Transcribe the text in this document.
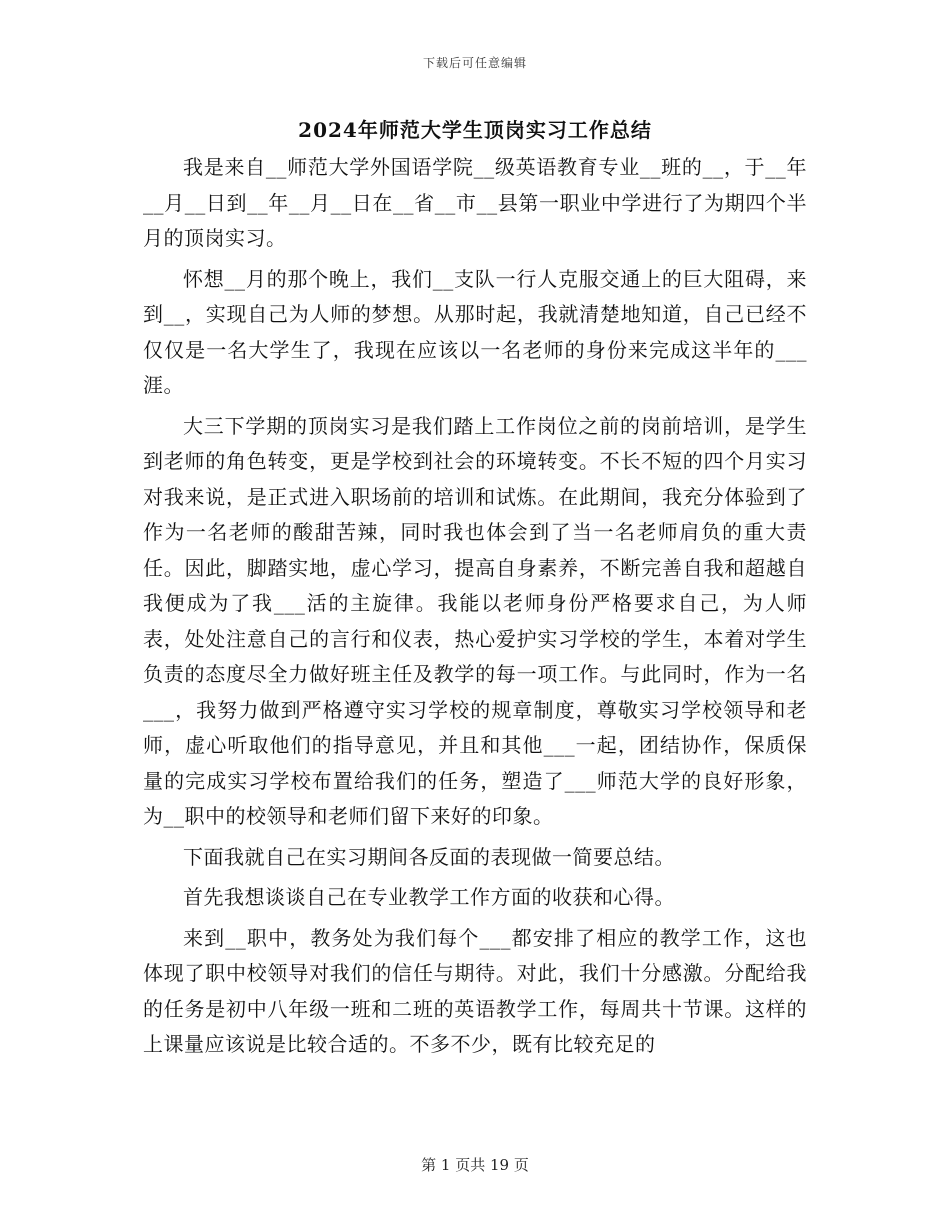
下载后可任意编辑
2024年师范大学生顶岗实习工作总结

我是来自__师范大学外国语学院__级英语教育专业__班的__，于__年__月__日到__年__月__日在__省__市__县第一职业中学进行了为期四个半月的顶岗实习。

怀想__月的那个晚上，我们__支队一行人克服交通上的巨大阻碍，来到__，实现自己为人师的梦想。从那时起，我就清楚地知道，自己已经不仅仅是一名大学生了，我现在应该以一名老师的身份来完成这半年的___涯。

大三下学期的顶岗实习是我们踏上工作岗位之前的岗前培训，是学生到老师的角色转变，更是学校到社会的环境转变。不长不短的四个月实习对我来说，是正式进入职场前的培训和试炼。在此期间，我充分体验到了作为一名老师的酸甜苦辣，同时我也体会到了当一名老师肩负的重大责任。因此，脚踏实地，虚心学习，提高自身素养，不断完善自我和超越自我便成为了我___活的主旋律。我能以老师身份严格要求自己，为人师表，处处注意自己的言行和仪表，热心爱护实习学校的学生，本着对学生负责的态度尽全力做好班主任及教学的每一项工作。与此同时，作为一名___，我努力做到严格遵守实习学校的规章制度，尊敬实习学校领导和老师，虚心听取他们的指导意见，并且和其他___一起，团结协作，保质保量的完成实习学校布置给我们的任务，塑造了___师范大学的良好形象，为__职中的校领导和老师们留下来好的印象。

下面我就自己在实习期间各反面的表现做一简要总结。

首先我想谈谈自己在专业教学工作方面的收获和心得。

来到__职中，教务处为我们每个___都安排了相应的教学工作，这也体现了职中校领导对我们的信任与期待。对此，我们十分感激。分配给我的任务是初中八年级一班和二班的英语教学工作，每周共十节课。这样的上课量应该说是比较合适的。不多不少，既有比较充足的

第 1 页共 19 页
